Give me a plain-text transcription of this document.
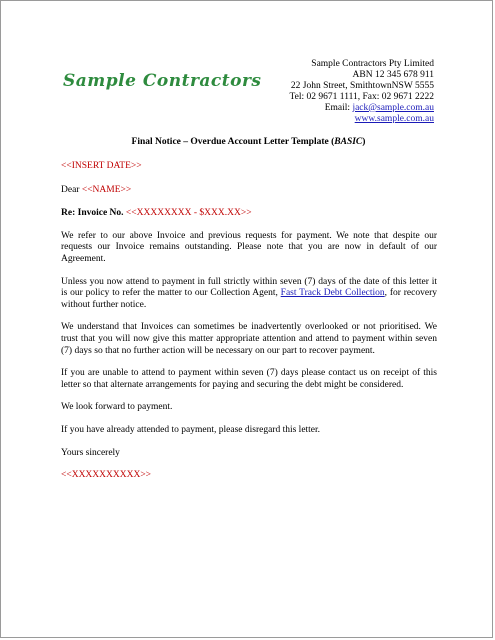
Sample Contractors
Sample Contractors Pty Limited
ABN 12 345 678 911
22 John Street, SmithtownNSW 5555
Tel: 02 9671 1111, Fax: 02 9671 2222
Email: jack@sample.com.au
www.sample.com.au
Final Notice – Overdue Account Letter Template (BASIC)

<<INSERT DATE>>

Dear <<NAME>>

Re: Invoice No. <<XXXXXXXX - $XXX.XX>>

We refer to our above Invoice and previous requests for payment. We note that despite our requests our Invoice remains outstanding. Please note that you are now in default of our Agreement.

Unless you now attend to payment in full strictly within seven (7) days of the date of this letter it is our policy to refer the matter to our Collection Agent, Fast Track Debt Collection, for recovery without further notice.

We understand that Invoices can sometimes be inadvertently overlooked or not prioritised. We trust that you will now give this matter appropriate attention and attend to payment within seven (7) days so that no further action will be necessary on our part to recover payment.

If you are unable to attend to payment within seven (7) days please contact us on receipt of this letter so that alternate arrangements for paying and securing the debt might be considered.

We look forward to payment.

If you have already attended to payment, please disregard this letter.

Yours sincerely

<<XXXXXXXXXX>>
